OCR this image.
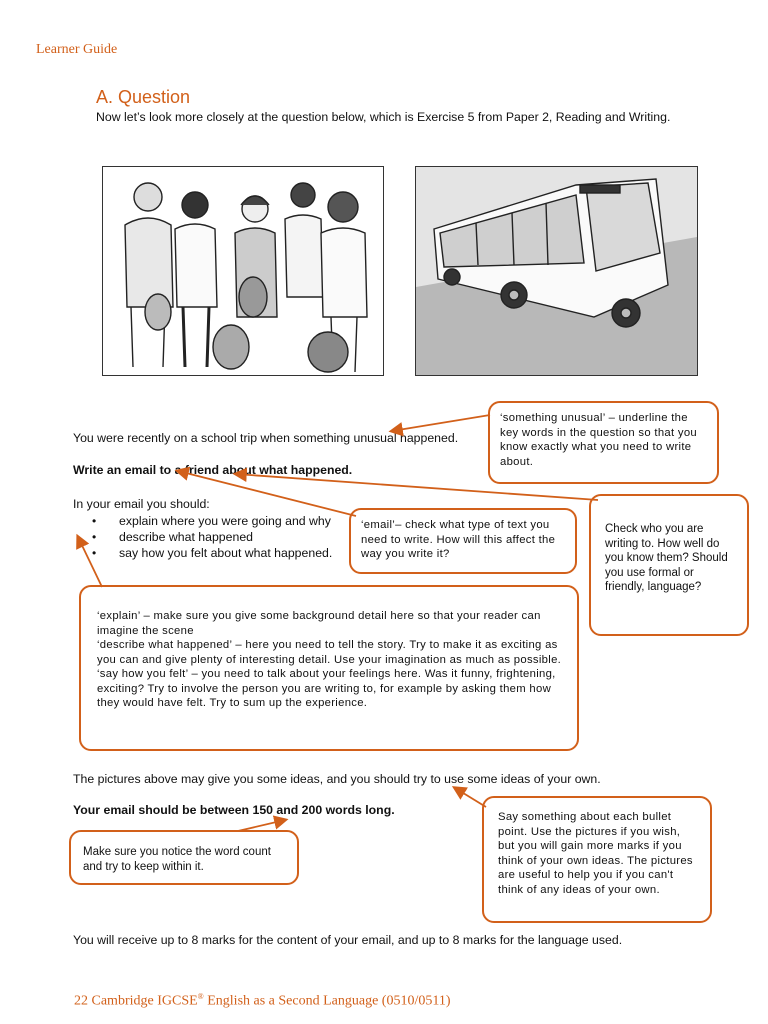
Learner Guide
A. Question
Now let’s look more closely at the question below, which is Exercise 5 from Paper 2, Reading and Writing.
You were recently on a school trip when something unusual happened.
Write an email to a friend about what happened.
In your email you should:
• explain where you were going and why
• describe what happened
• say how you felt about what happened.
The pictures above may give you some ideas, and you should try to use some ideas of your own.
Your email should be between 150 and 200 words long.
You will receive up to 8 marks for the content of your email, and up to 8 marks for the language used.
‘something unusual’ – underline the key words in the question so that you know exactly what you need to write about.
‘email’– check what type of text you need to write. How will this affect the way you write it?
Check who you are writing to. How well do you know them? Should you use formal or friendly, language?
‘explain’ – make sure you give some background detail here so that your reader can imagine the scene
‘describe what happened’ – here you need to tell the story. Try to make it as exciting as you can and give plenty of interesting detail. Use your imagination as much as possible.
‘say how you felt’ – you need to talk about your feelings here. Was it funny, frightening, exciting? Try to involve the person you are writing to, for example by asking them how they would have felt. Try to sum up the experience.
Say something about each bullet point. Use the pictures if you wish, but you will gain more marks if you think of your own ideas. The pictures are useful to help you if you can't think of any ideas of your own.
Make sure you notice the word count and try to keep within it.
22 Cambridge IGCSE® English as a Second Language (0510/0511)
